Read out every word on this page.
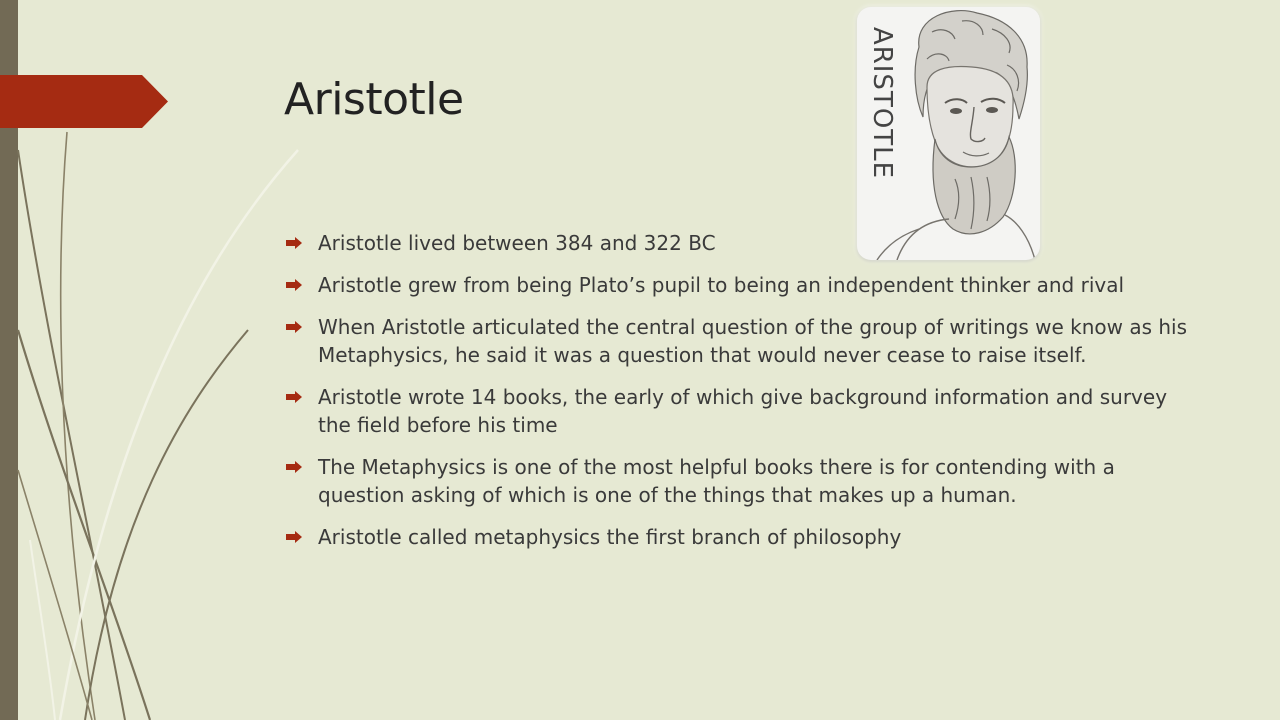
Aristotle	ARISTOTLE
Aristotle lived between 384 and 322 BC
Aristotle grew from being Plato’s pupil to being an independent thinker and rival
When Aristotle articulated the central question of the group of writings we know as his Metaphysics, he said it was a question that would never cease to raise itself.
Aristotle wrote 14 books, the early of which give background information and survey the field before his time
The Metaphysics is one of the most helpful books there is for contending with a question asking of which is one of the things that makes up a human.
Aristotle called metaphysics the first branch of philosophy
